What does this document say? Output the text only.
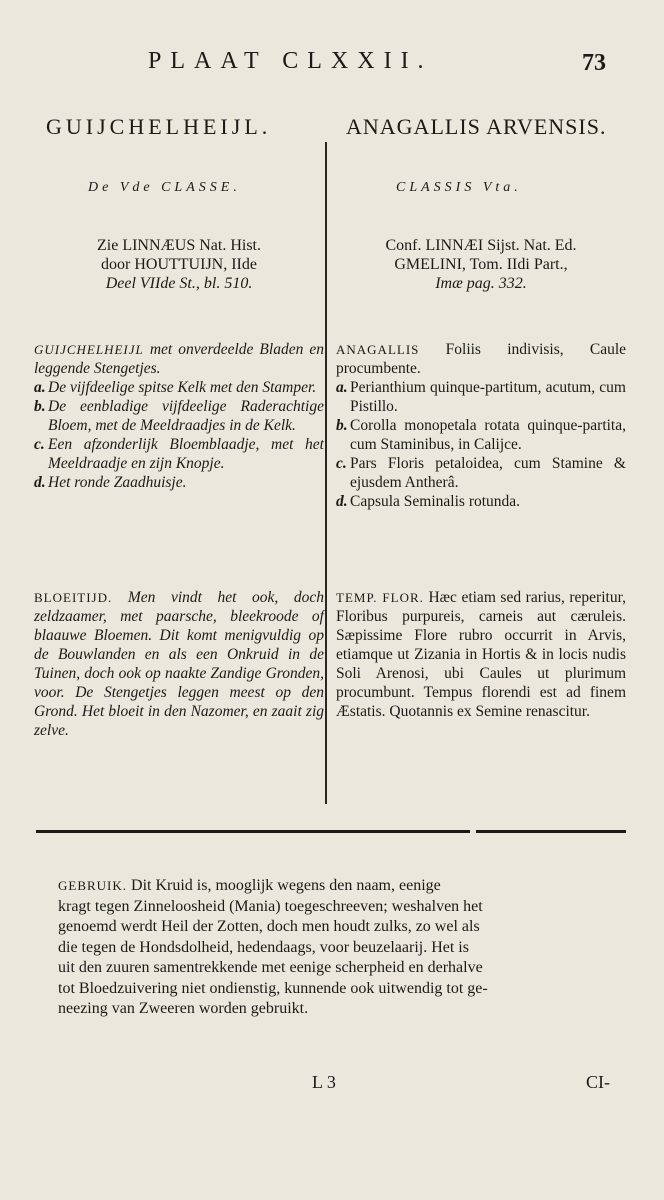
PLAAT CLXXII.	73
GUIJCHELHEIJL.	ANAGALLIS ARVENSIS.
De Vde CLASSE.	CLASSIS Vta.
Zie LINNÆUS Nat. Hist.
door HOUTTUIJN, IIde
Deel VIIde St., bl. 510.

GUIJCHELHEIJL met onverdeelde Bladen en leggende Stengetjes.

a. De vijfdeelige spitse Kelk met den Stamper.
b. De eenbladige vijfdeelige Raderachtige Bloem, met de Meeldraadjes in de Kelk.
c. Een afzonderlijk Bloemblaadje, met het Meeldraadje en zijn Knopje.
d. Het ronde Zaadhuisje.
BLOEITIJD. Men vindt het ook, doch zeldzaamer, met paarsche, bleekroode of blaauwe Bloemen. Dit komt menigvuldig op de Bouwlanden en als een Onkruid in de Tuinen, doch ook op naakte Zandige Gronden, voor. De Stengetjes leggen meest op den Grond. Het bloeit in den Nazomer, en zaait zig zelve.
Conf. LINNÆI Sijst. Nat. Ed.
GMELINI, Tom. IIdi Part.,
Imæ pag. 332.

ANAGALLIS Foliis indivisis, Caule procumbente.

a. Perianthium quinque-partitum, acutum, cum Pistillo.
b. Corolla monopetala rotata quinque-partita, cum Staminibus, in Calijce.
c. Pars Floris petaloidea, cum Stamine & ejusdem Antherâ.
d. Capsula Seminalis rotunda.
TEMP. FLOR. Hæc etiam sed rarius, reperitur, Floribus purpureis, carneis aut cæruleis. Sæpissime Flore rubro occurrit in Arvis, etiamque ut Zizania in Hortis & in locis nudis Soli Arenosi, ubi Caules ut plurimum procumbunt. Tempus florendi est ad finem Æstatis. Quotannis ex Semine renascitur.

GEBRUIK. Dit Kruid is, mooglijk wegens den naam, eenige

kragt tegen Zinneloosheid (Mania) toegeschreeven; weshalven het

genoemd werdt Heil der Zotten, doch men houdt zulks, zo wel als

die tegen de Hondsdolheid, hedendaags, voor beuzelaarij. Het is

uit den zuuren samentrekkende met eenige scherpheid en derhalve

tot Bloedzuivering niet ondienstig, kunnende ook uitwendig tot ge-

neezing van Zweeren worden gebruikt.

L 3	CI-
